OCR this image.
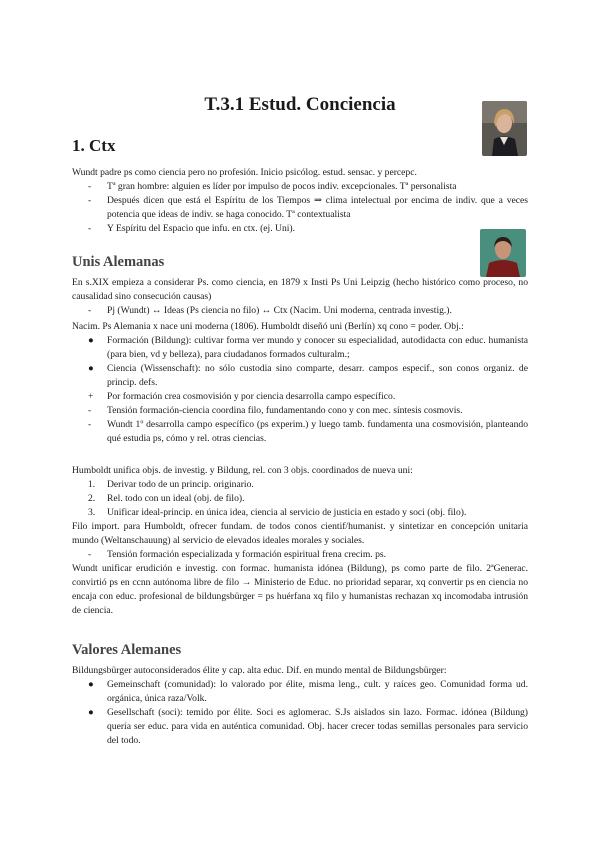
T.3.1 Estud. Conciencia
1. Ctx

Wundt padre ps como ciencia pero no profesión. Inicio psicólog. estud. sensac. y percepc.

-	Tª gran hombre: alguien es líder por impulso de pocos indiv. excepcionales. Tª personalista

-	Después dicen que está el Espíritu de los Tiempos ⇒ clima intelectual por encima de indiv. que a veces potencia que ideas de indiv. se haga conocido. Tª contextualista

-	Y Espíritu del Espacio que infu. en ctx. (ej. Uni).

Unis Alemanas

En s.XIX empieza a considerar Ps. como ciencia, en 1879 x Insti Ps Uni Leipzig (hecho histórico como proceso, no causalidad sino consecución causas)

-	Pj (Wundt) ↔ Ideas (Ps ciencia no filo) ↔ Ctx (Nacim. Uni moderna, centrada investig.).

Nacim. Ps Alemania x nace uni moderna (1806). Humboldt diseñó uni (Berlín) xq cono = poder. Obj.:

●	Formación (Bildung): cultivar forma ver mundo y conocer su especialidad, autodidacta con educ. humanista (para bien, vd y belleza), para ciudadanos formados culturalm.;

●	Ciencia (Wissenschaft): no sólo custodia sino comparte, desarr. campos especif., son conos organiz. de princip. defs.

+	Por formación crea cosmovisión y por ciencia desarrolla campo específico.

-	Tensión formación-ciencia coordina filo, fundamentando cono y con mec. síntesis cosmovis.

-	Wundt 1º desarrolla campo específico (ps experim.) y luego tamb. fundamenta una cosmovisión, planteando qué estudia ps, cómo y rel. otras ciencias.

Humboldt unifica objs. de investig. y Bildung, rel. con 3 objs. coordinados de nueva uni:

1.	Derivar todo de un princip. originario.

2.	Rel. todo con un ideal (obj. de filo).

3.	Unificar ideal-princip. en única idea, ciencia al servicio de justicia en estado y soci (obj. filo).

Filo import. para Humboldt, ofrecer fundam. de todos conos cientif/humanist. y sintetizar en concepción unitaria mundo (Weltanschauung) al servicio de elevados ideales morales y sociales.

-	Tensión formación especializada y formación espiritual frena crecim. ps.

Wundt unificar erudición e investig. con formac. humanista idónea (Bildung), ps como parte de filo. 2ªGenerac. convirtió ps en ccnn autónoma libre de filo → Ministerio de Educ. no prioridad separar, xq convertir ps en ciencia no encaja con educ. profesional de bildungsbürger = ps huérfana xq filo y humanistas rechazan xq incomodaba intrusión de ciencia.

Valores Alemanes

Bildungsbürger autoconsiderados élite y cap. alta educ. Dif. en mundo mental de Bildungsbürger:

●	Gemeinschaft (comunidad): lo valorado por élite, misma leng., cult. y raíces geo. Comunidad forma ud. orgánica, única raza/Volk.

●	Gesellschaft (soci): temido por élite. Soci es aglomerac. S.Js aislados sin lazo. Formac. idónea (Bildung) quería ser educ. para vida en auténtica comunidad. Obj. hacer crecer todas semillas personales para servicio del todo.
